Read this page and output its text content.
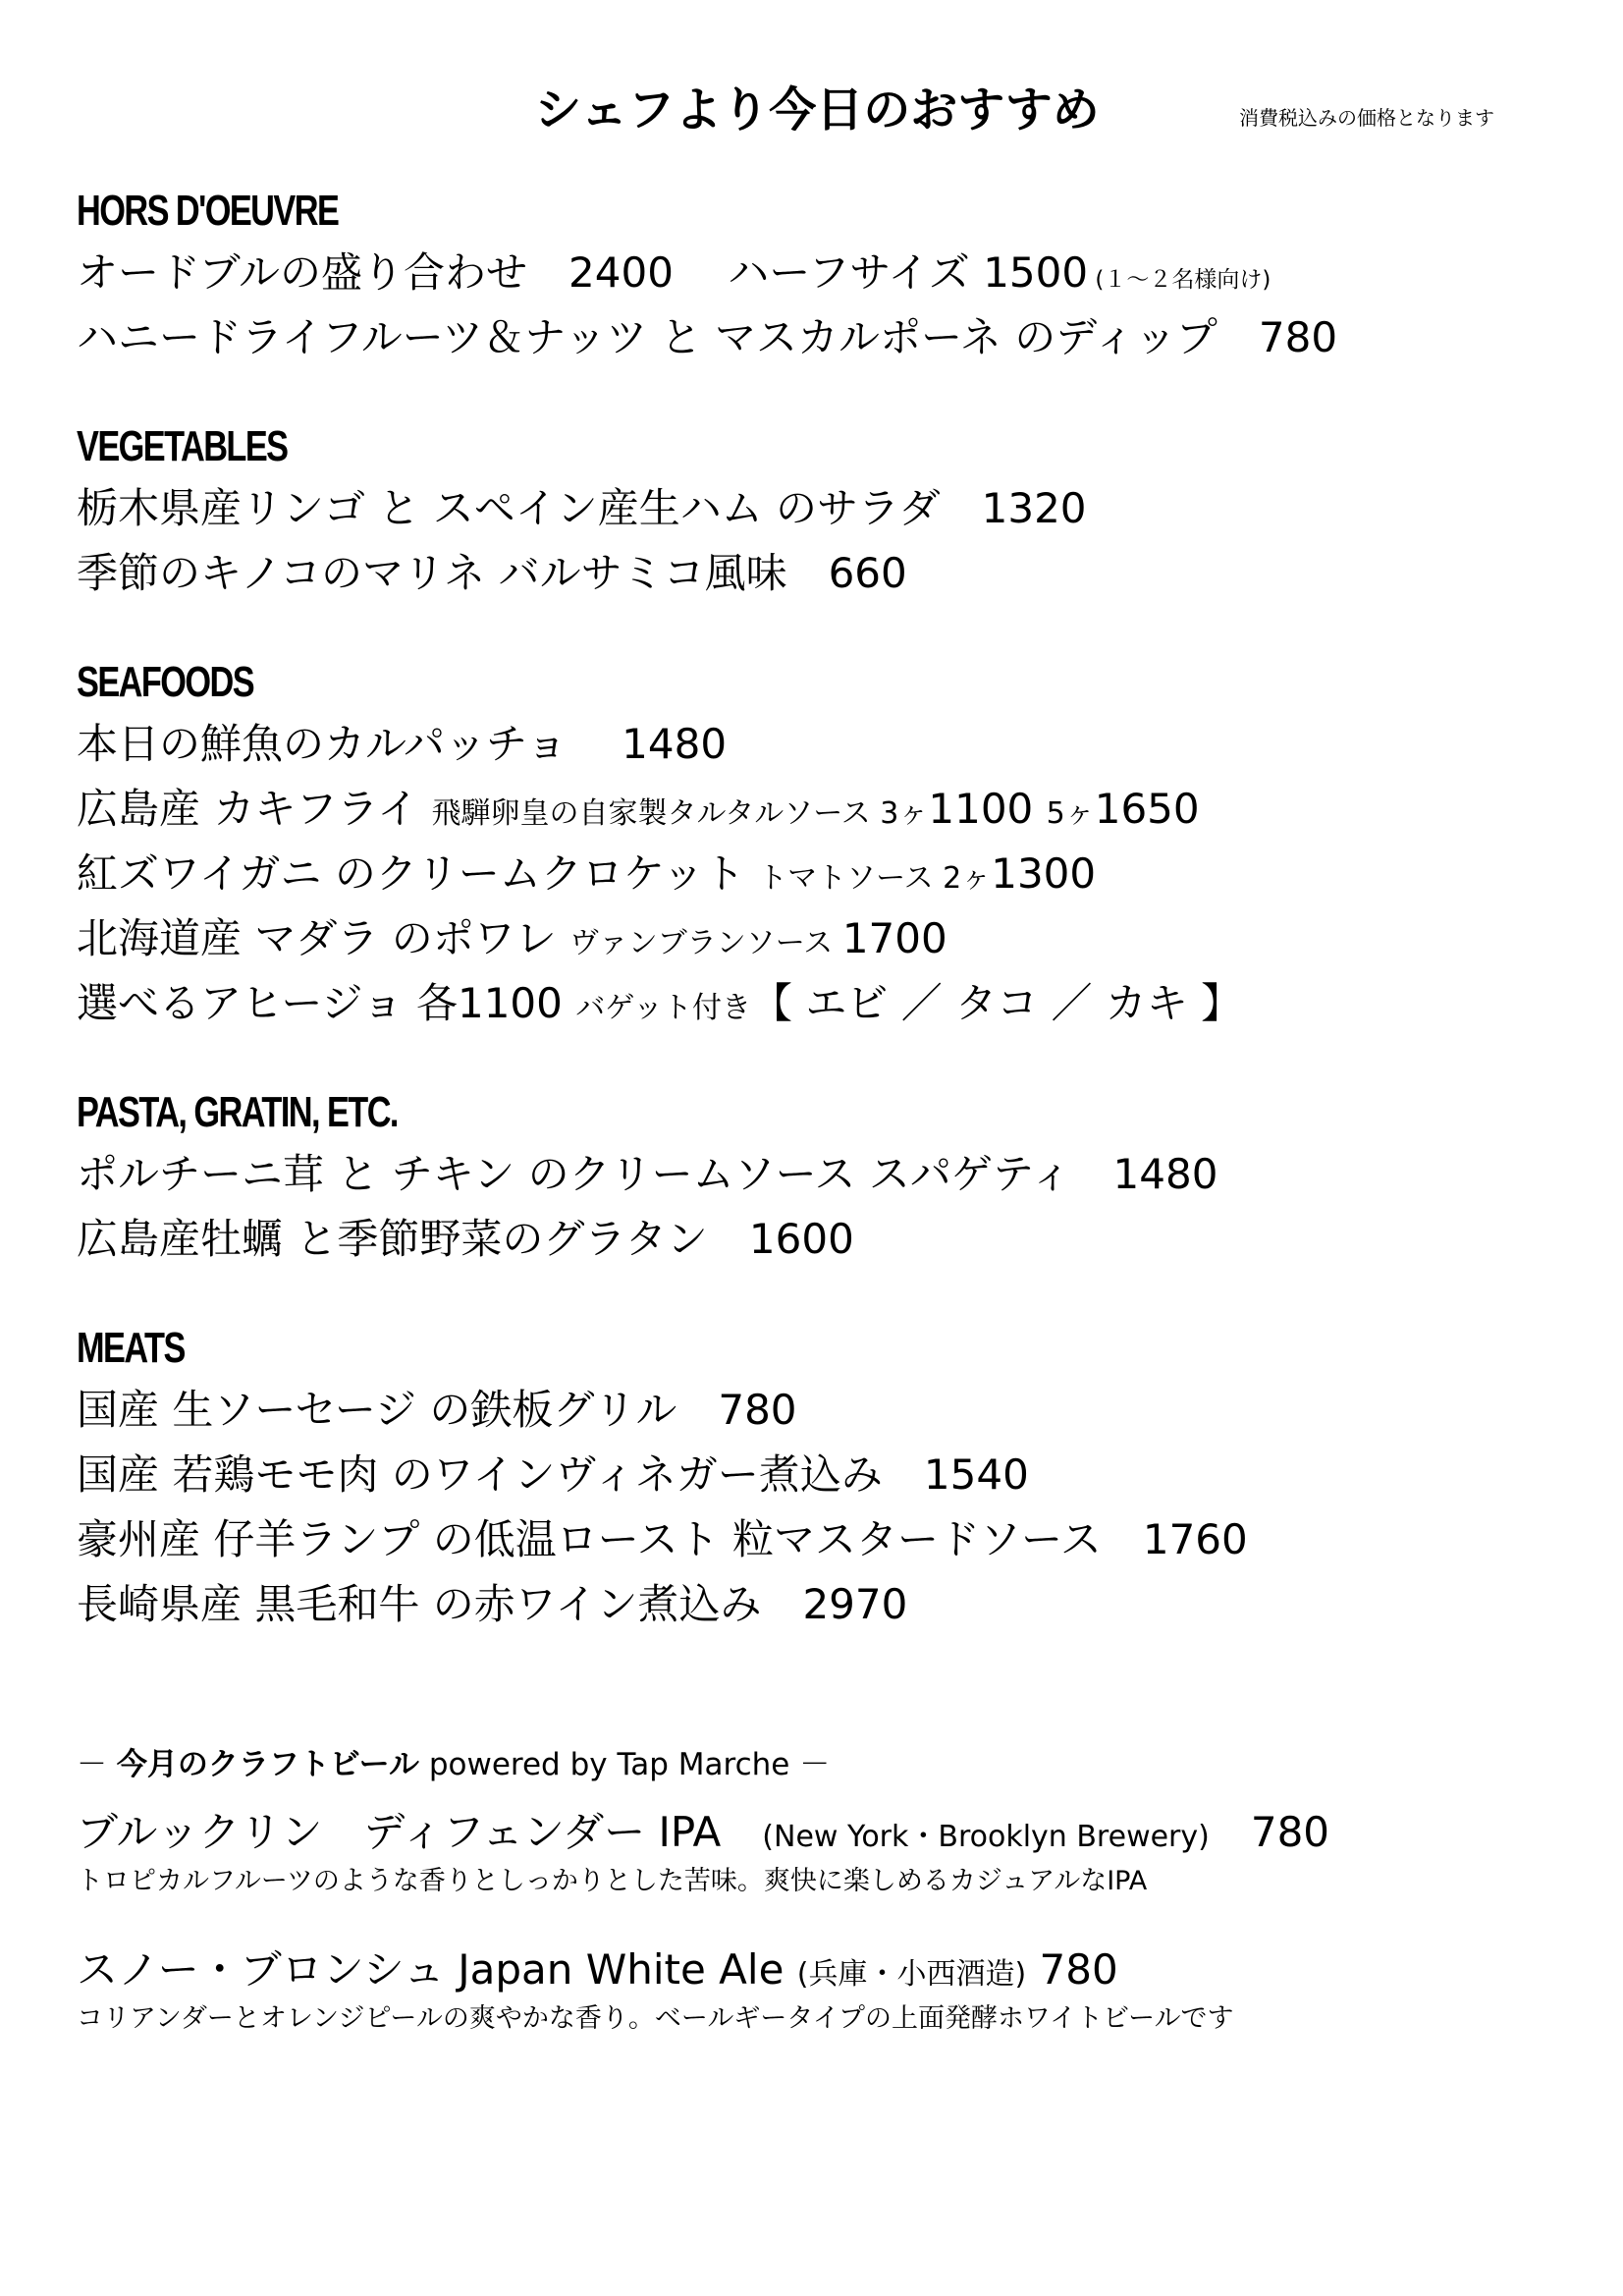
シェフより今日のおすすめ	消費税込みの価格となります
HORS D'OEUVRE
オードブルの盛り合わせ　2400　 ハーフサイズ 1500 (１～２名様向け)
ハニードライフルーツ＆ナッツ と マスカルポーネ のディップ　780
VEGETABLES
栃木県産リンゴ と スペイン産生ハム のサラダ　1320
季節のキノコのマリネ バルサミコ風味　660
SEAFOODS
本日の鮮魚のカルパッチョ　 1480
広島産 カキフライ 飛騨卵皇の自家製タルタルソース 3ヶ1100 5ヶ1650
紅ズワイガニ のクリームクロケット トマトソース 2ヶ1300
北海道産 マダラ のポワレ ヴァンブランソース 1700
選べるアヒージョ 各1100 バゲット付き【 エビ ／ タコ ／ カキ 】
PASTA, GRATIN, ETC.
ポルチーニ茸 と チキン のクリームソース スパゲティ　1480
広島産牡蠣 と季節野菜のグラタン　1600
MEATS
国産 生ソーセージ の鉄板グリル　780
国産 若鶏モモ肉 のワインヴィネガー煮込み　1540
豪州産 仔羊ランプ の低温ロースト 粒マスタードソース　1760
長崎県産 黒毛和牛 の赤ワイン煮込み　2970
－ 今月のクラフトビール powered by Tap Marche －
ブルックリン　ディフェンダー IPA　(New York・Brooklyn Brewery)　780
トロピカルフルーツのような香りとしっかりとした苦味。爽快に楽しめるカジュアルなIPA
スノー・ブロンシュ Japan White Ale (兵庫・小西酒造) 780
コリアンダーとオレンジピールの爽やかな香り。ベールギータイプの上面発酵ホワイトビールです
